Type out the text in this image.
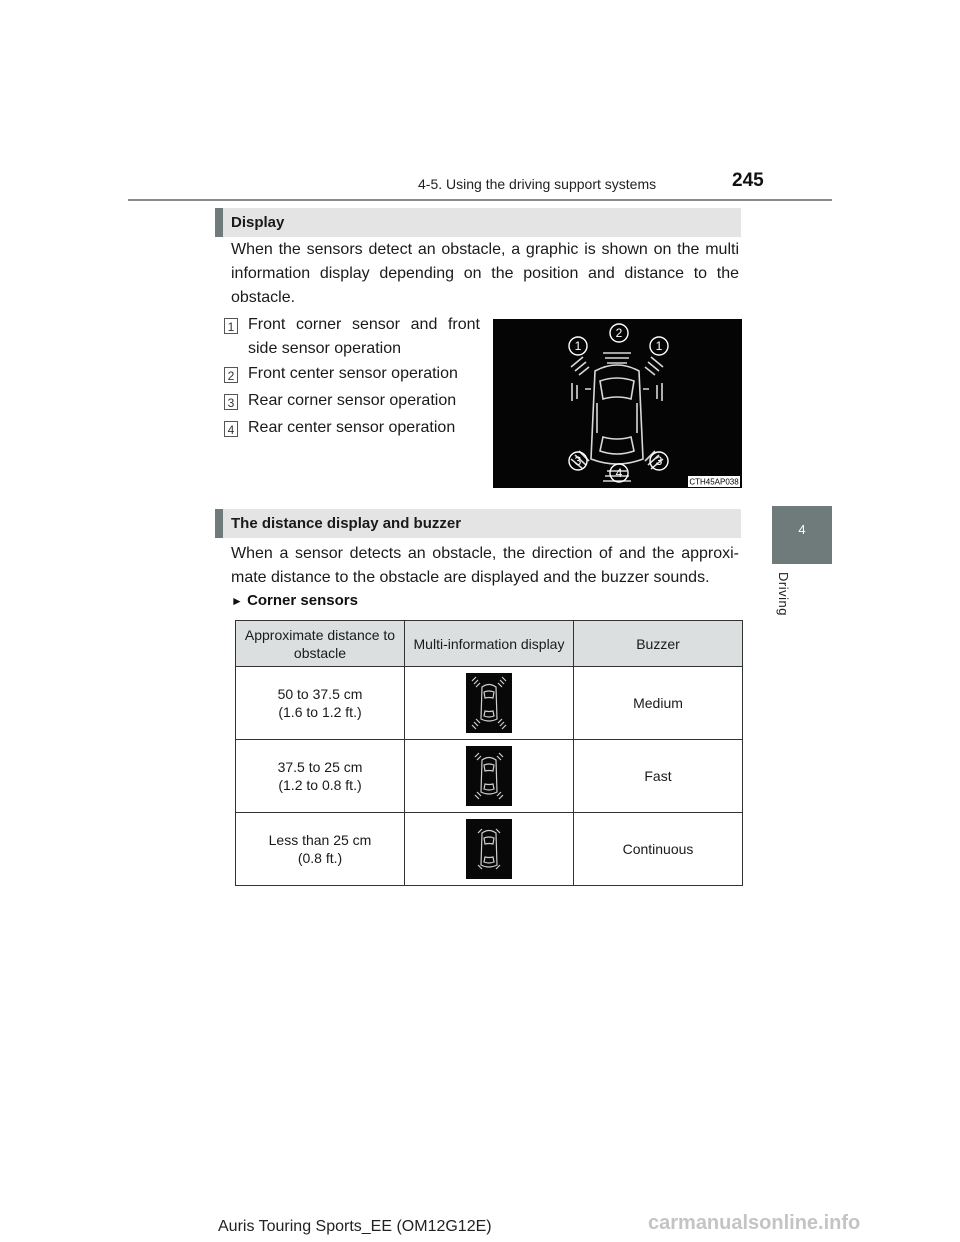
4-5. Using the driving support systems	245
4
Driving
Display
When the sensors detect an obstacle, a graphic is shown on the multi information display depending on the position and distance to the obstacle.
1 Front corner sensor and front side sensor operation
2 Front center sensor operation
3 Rear corner sensor operation
4 Rear center sensor operation
1
2
1
3
4
3
CTH45AP038
The distance display and buzzer
When a sensor detects an obstacle, the direction of and the approxi-mate distance to the obstacle are displayed and the buzzer sounds.
► Corner sensors
Approximate distance to obstacle	Multi-information display	Buzzer

50 to 37.5 cm
(1.6 to 1.2 ft.)		Medium

37.5 to 25 cm
(1.2 to 0.8 ft.)		Fast

Less than 25 cm
(0.8 ft.)		Continuous
Auris Touring Sports_EE (OM12G12E)	carmanualsonline.info
